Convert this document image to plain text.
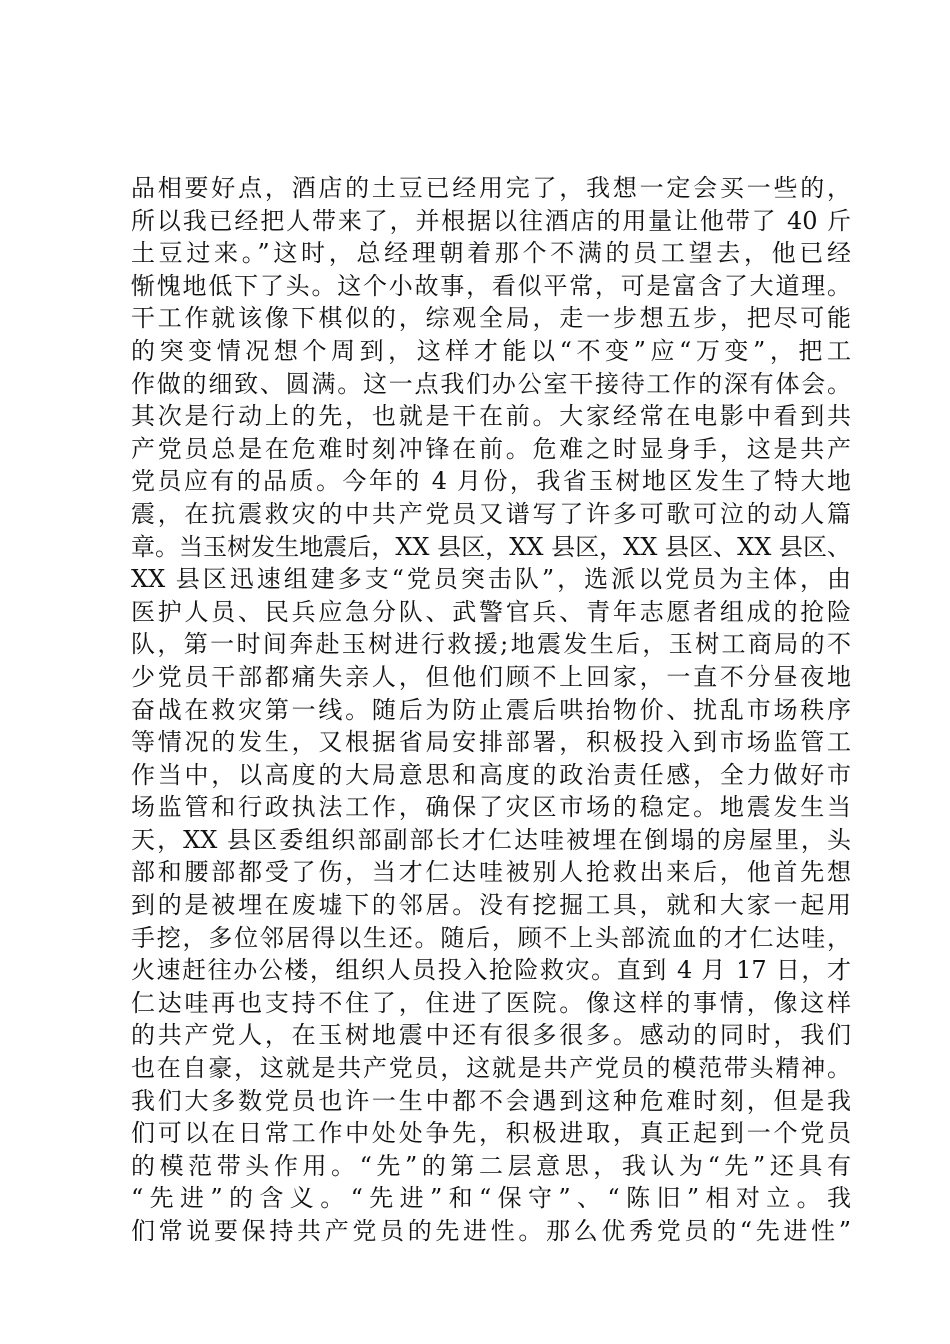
品相要好点，酒店的土豆已经用完了，我想一定会买一些的，
所以我已经把人带来了，并根据以往酒店的用量让他带了 40 斤
土豆过来。”这时，总经理朝着那个不满的员工望去，他已经
惭愧地低下了头。这个小故事，看似平常，可是富含了大道理。
干工作就该像下棋似的，综观全局，走一步想五步，把尽可能
的突变情况想个周到，这样才能以“不变”应“万变”，把工
作做的细致、圆满。这一点我们办公室干接待工作的深有体会。
其次是行动上的先，也就是干在前。大家经常在电影中看到共
产党员总是在危难时刻冲锋在前。危难之时显身手，这是共产
党员应有的品质。今年的 4 月份，我省玉树地区发生了特大地
震，在抗震救灾的中共产党员又谱写了许多可歌可泣的动人篇
章。当玉树发生地震后，XX 县区，XX 县区，XX 县区、XX 县区、
XX 县区迅速组建多支“党员突击队”，选派以党员为主体，由
医护人员、民兵应急分队、武警官兵、青年志愿者组成的抢险
队，第一时间奔赴玉树进行救援;地震发生后，玉树工商局的不
少党员干部都痛失亲人，但他们顾不上回家，一直不分昼夜地
奋战在救灾第一线。随后为防止震后哄抬物价、扰乱市场秩序
等情况的发生，又根据省局安排部署，积极投入到市场监管工
作当中，以高度的大局意思和高度的政治责任感，全力做好市
场监管和行政执法工作，确保了灾区市场的稳定。地震发生当
天，XX 县区委组织部副部长才仁达哇被埋在倒塌的房屋里，头
部和腰部都受了伤，当才仁达哇被别人抢救出来后，他首先想
到的是被埋在废墟下的邻居。没有挖掘工具，就和大家一起用
手挖，多位邻居得以生还。随后，顾不上头部流血的才仁达哇，
火速赶往办公楼，组织人员投入抢险救灾。直到 4 月 17 日，才
仁达哇再也支持不住了，住进了医院。像这样的事情，像这样
的共产党人，在玉树地震中还有很多很多。感动的同时，我们
也在自豪，这就是共产党员，这就是共产党员的模范带头精神。
我们大多数党员也许一生中都不会遇到这种危难时刻，但是我
们可以在日常工作中处处争先，积极进取，真正起到一个党员
的模范带头作用。“先”的第二层意思，我认为“先”还具有
“先进”的含义。“先进”和“保守”、“陈旧”相对立。我
们常说要保持共产党员的先进性。那么优秀党员的“先进性”
